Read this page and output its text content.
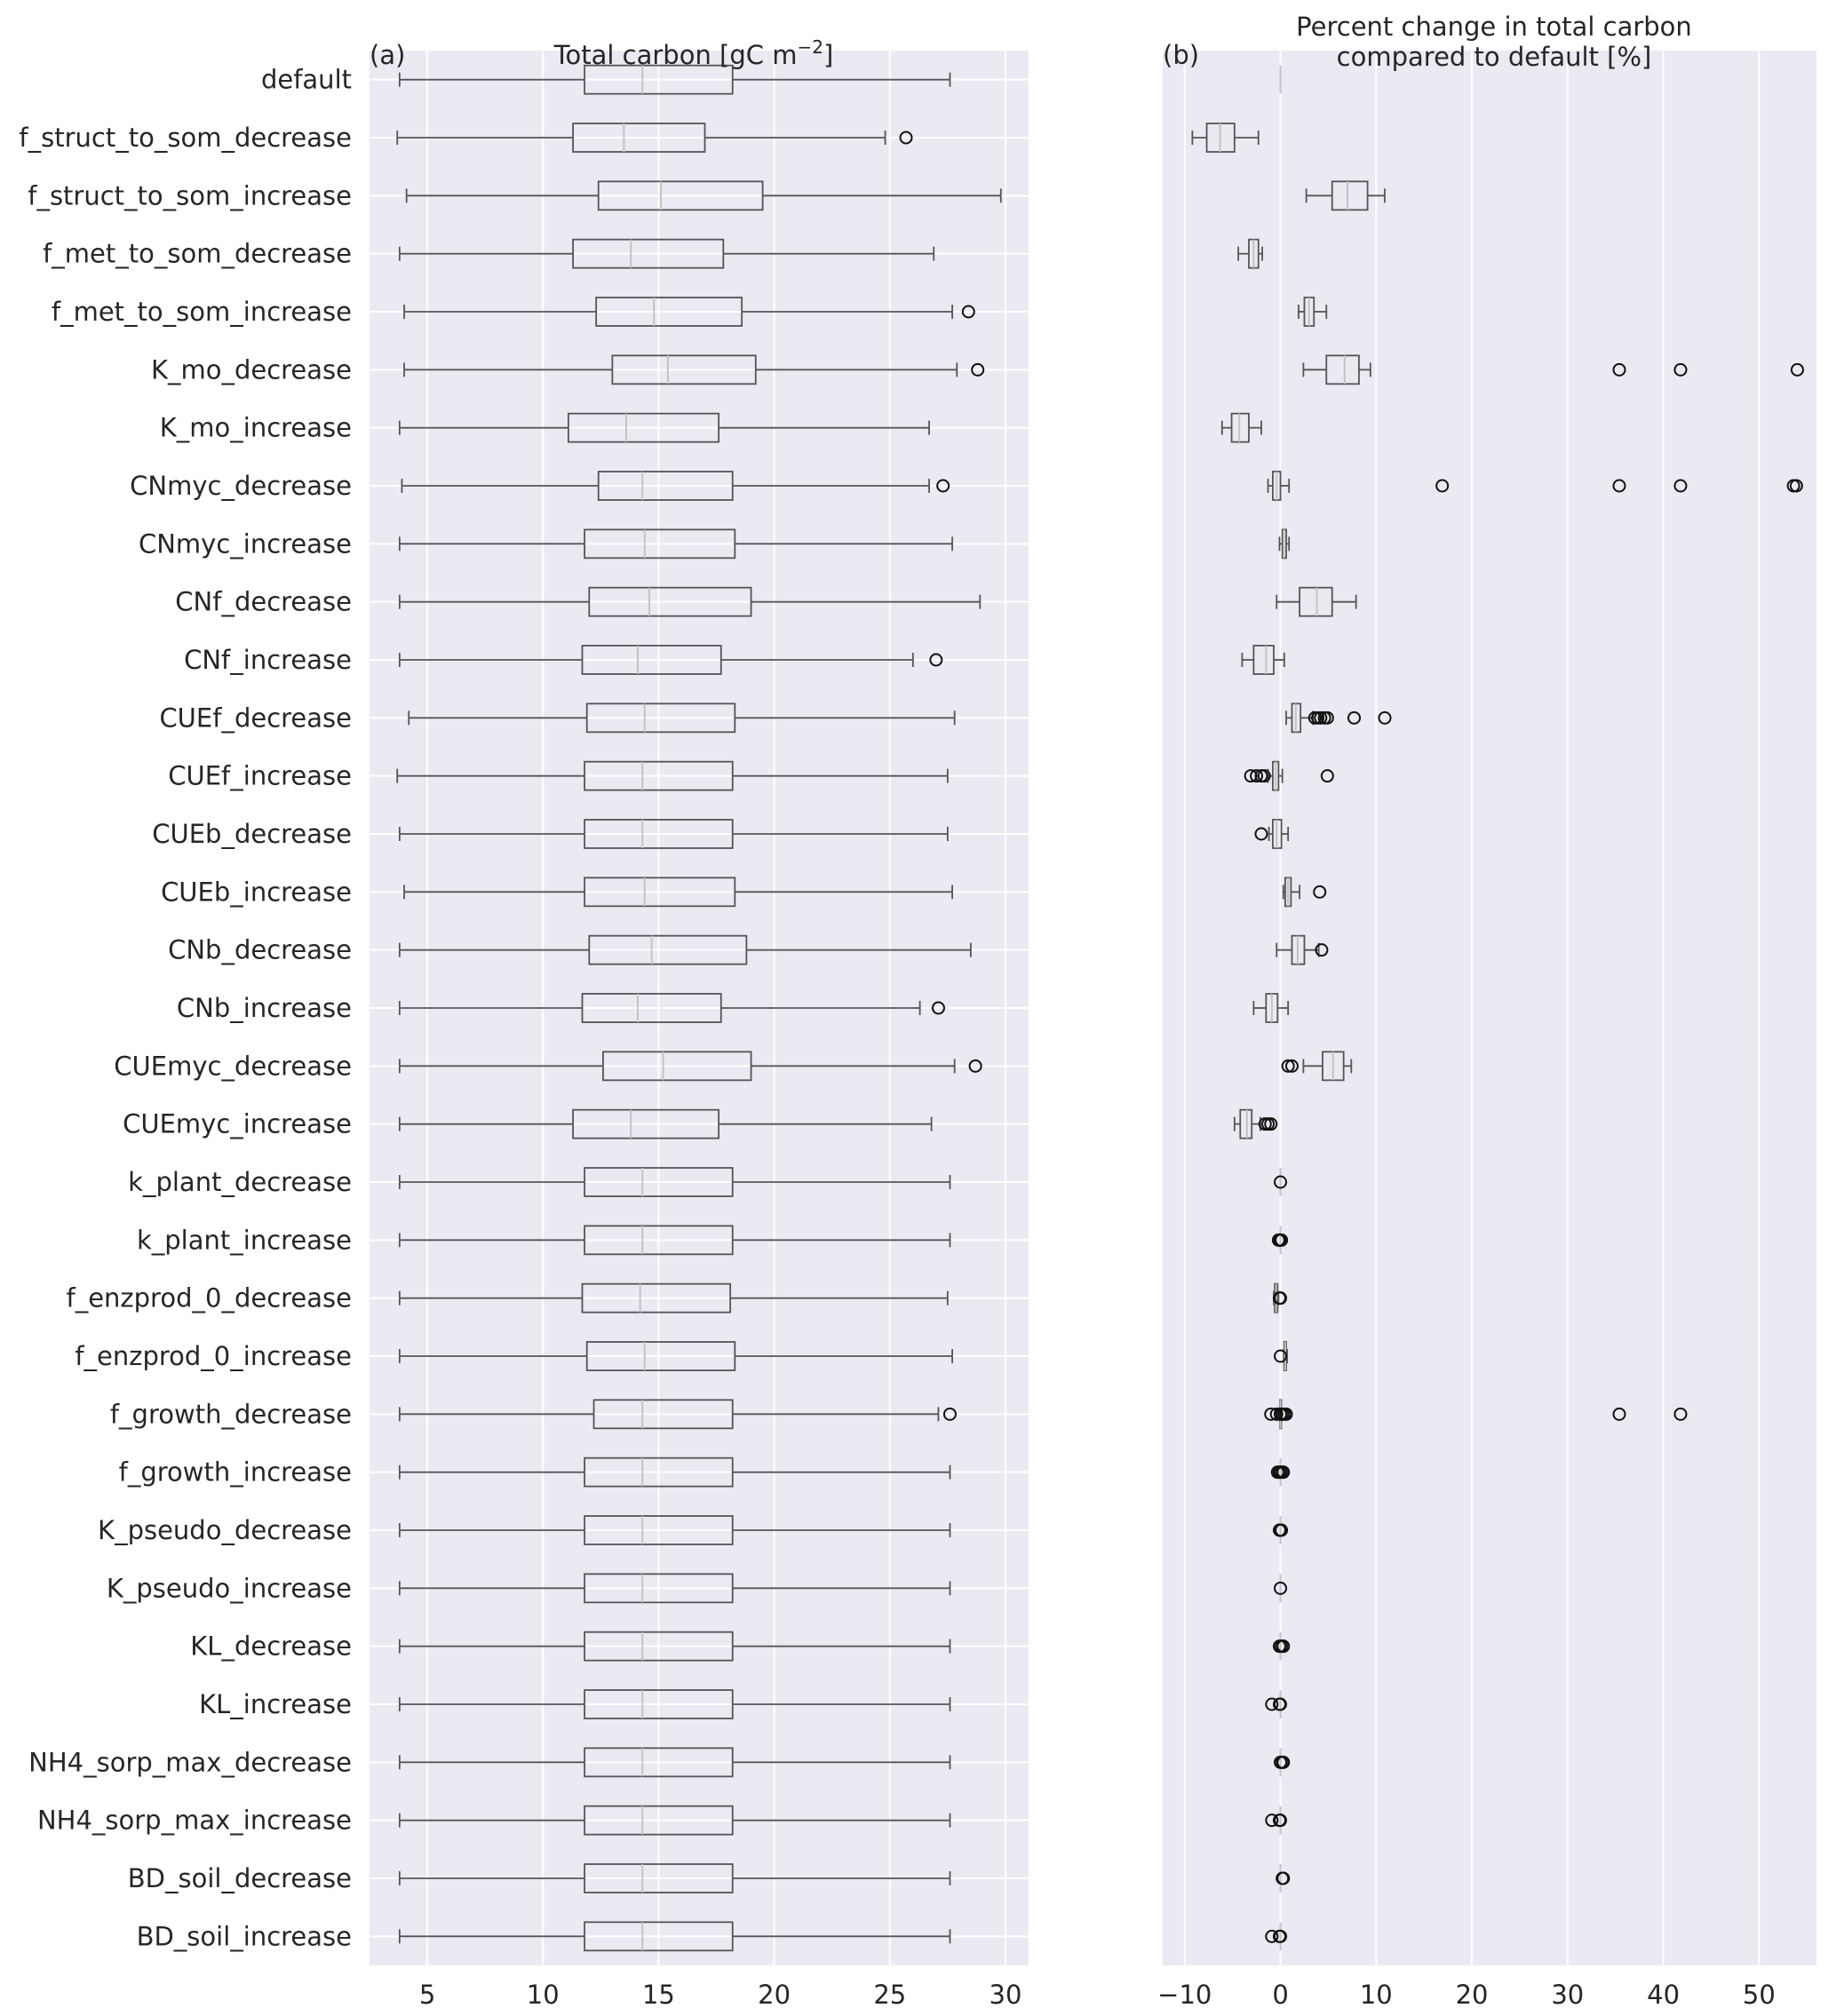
5	10	15	20	25	30
default
f_struct_to_som_decrease
f_struct_to_som_increase
f_met_to_som_decrease
f_met_to_som_increase
K_mo_decrease
K_mo_increase
CNmyc_decrease
CNmyc_increase
CNf_decrease
CNf_increase
CUEf_decrease
CUEf_increase
CUEb_decrease
CUEb_increase
CNb_decrease
CNb_increase
CUEmyc_decrease
CUEmyc_increase
k_plant_decrease
k_plant_increase
f_enzprod_0_decrease
f_enzprod_0_increase
f_growth_decrease
f_growth_increase
K_pseudo_decrease
K_pseudo_increase
KL_decrease
KL_increase
NH4_sorp_max_decrease
NH4_sorp_max_increase
BD_soil_decrease
BD_soil_increase
(a)	Total carbon [gC $m^{-2}$]
−10 0	10 20 30 40 50
(b)
Percent change in total carbon compared to default [%]
